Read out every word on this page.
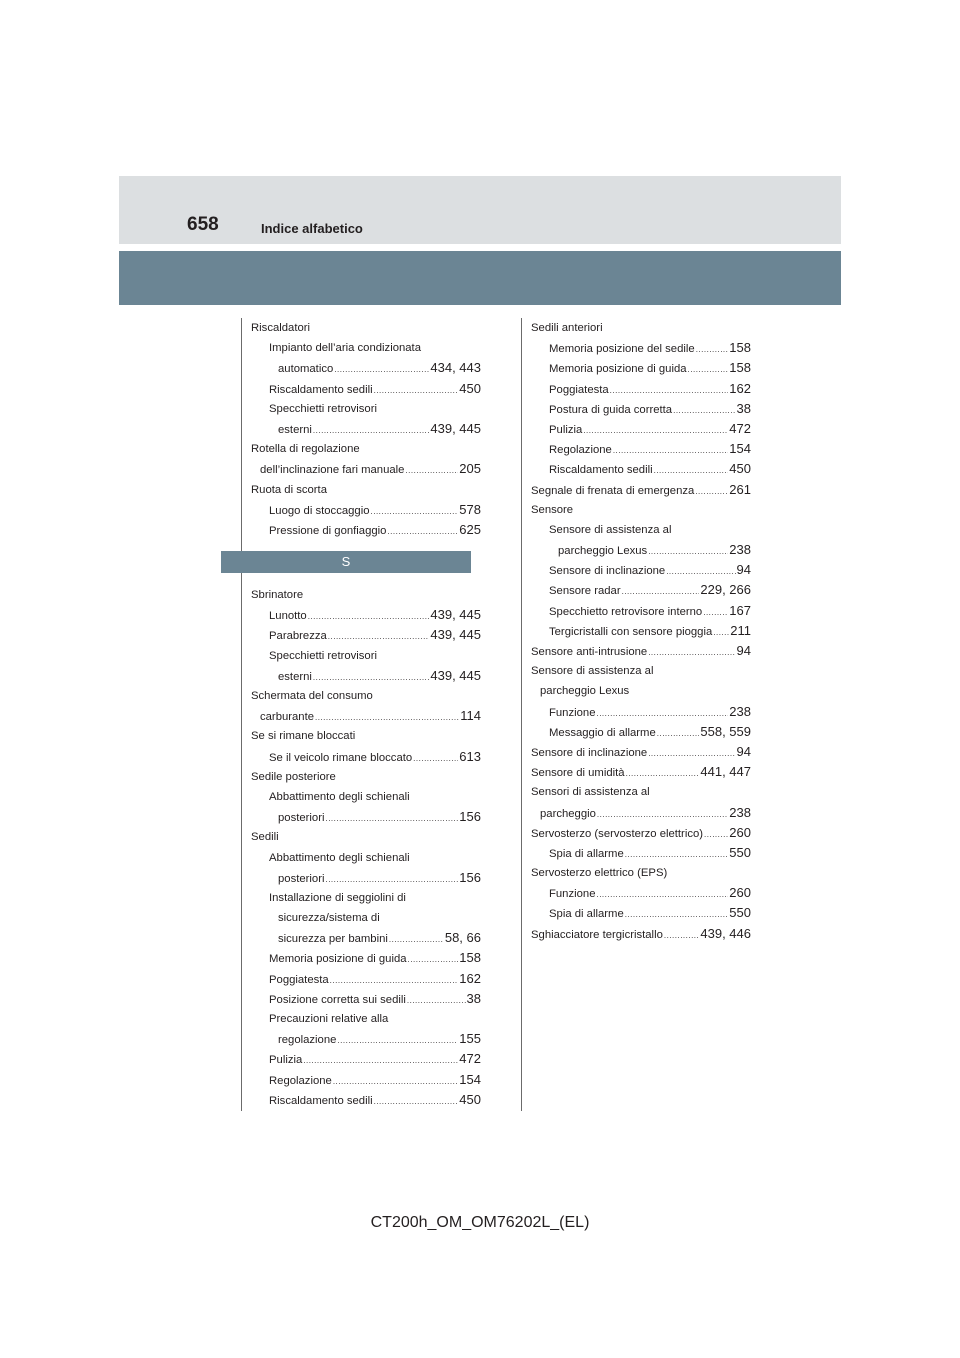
658	Indice alfabetico
Riscaldatori
Impianto dell’aria condizionata
automatico .....	434, 443
Riscaldamento sedili .....	450
Specchietti retrovisori
esterni .....	439, 445
Rotella di regolazione
dell’inclinazione fari manuale .....	205
Ruota di scorta
Luogo di stoccaggio .....	578
Pressione di gonfiaggio .....	625
S
Sbrinatore
Lunotto .....	439, 445
Parabrezza .....	439, 445
Specchietti retrovisori
esterni .....	439, 445
Schermata del consumo
carburante .....	114
Se si rimane bloccati
Se il veicolo rimane bloccato .....	613
Sedile posteriore
Abbattimento degli schienali
posteriori .....	156
Sedili
Abbattimento degli schienali
posteriori .....	156
Installazione di seggiolini di
sicurezza/sistema di
sicurezza per bambini .....	58, 66
Memoria posizione di guida .....	158
Poggiatesta .....	162
Posizione corretta sui sedili .....	38
Precauzioni relative alla
regolazione .....	155
Pulizia .....	472
Regolazione .....	154
Riscaldamento sedili .....	450
Sedili anteriori
Memoria posizione del sedile .....	158
Memoria posizione di guida .....	158
Poggiatesta .....	162
Postura di guida corretta .....	38
Pulizia .....	472
Regolazione .....	154
Riscaldamento sedili .....	450
Segnale di frenata di emergenza .....	261
Sensore
Sensore di assistenza al
parcheggio Lexus .....	238
Sensore di inclinazione .....	94
Sensore radar .....	229, 266
Specchietto retrovisore interno ..... 167
Tergicristalli con sensore pioggia ..... 211
Sensore anti-intrusione .....	94
Sensore di assistenza al
parcheggio Lexus
Funzione .....	238
Messaggio di allarme .....	558, 559
Sensore di inclinazione .....	94
Sensore di umidità .....	441, 447
Sensori di assistenza al
parcheggio .....	238
Servosterzo (servosterzo elettrico) ..... 260
Spia di allarme .....	550
Servosterzo elettrico (EPS)
Funzione .....	260
Spia di allarme .....	550
Sghiacciatore tergicristallo .....	439, 446
CT200h_OM_OM76202L_(EL)
